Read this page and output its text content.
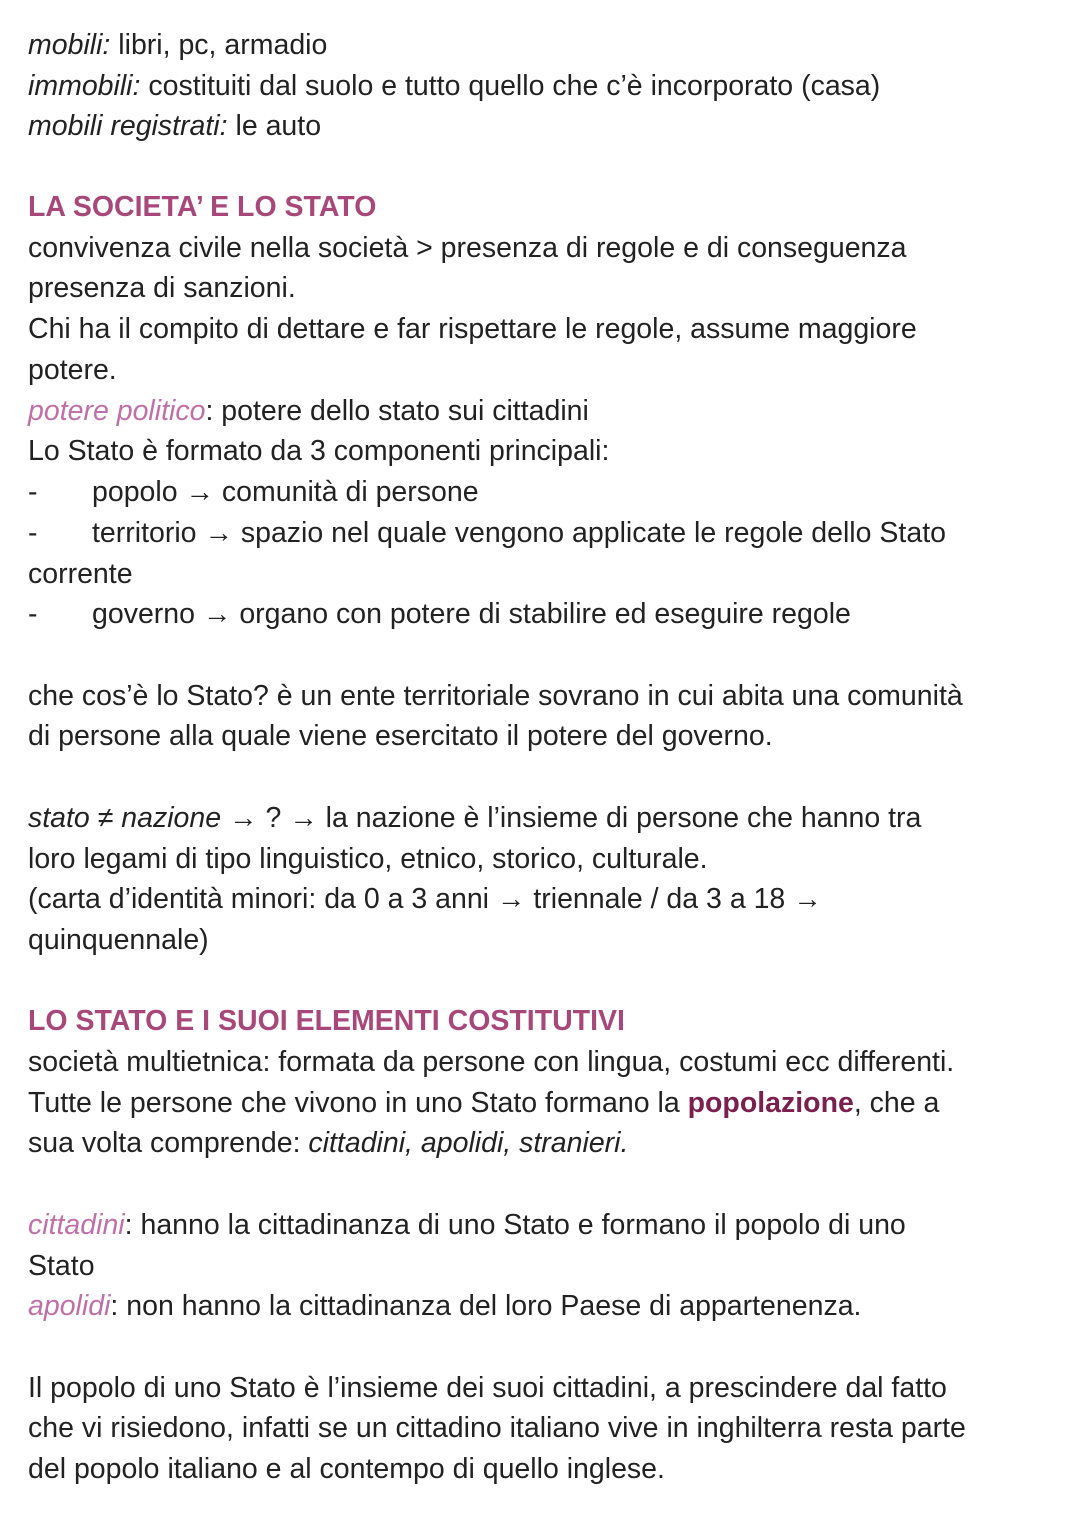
mobili: libri, pc, armadio

immobili: costituiti dal suolo e tutto quello che c’è incorporato (casa)

mobili registrati: le auto

LA SOCIETA’ E LO STATO

convivenza civile nella società > presenza di regole e di conseguenza

presenza di sanzioni.

Chi ha il compito di dettare e far rispettare le regole, assume maggiore

potere.

potere politico: potere dello stato sui cittadini

Lo Stato è formato da 3 componenti principali:

- popolo → comunità di persone

- territorio → spazio nel quale vengono applicate le regole dello Stato

corrente

- governo → organo con potere di stabilire ed eseguire regole

che cos’è lo Stato? è un ente territoriale sovrano in cui abita una comunità

di persone alla quale viene esercitato il potere del governo.

stato ≠ nazione → ? → la nazione è l’insieme di persone che hanno tra

loro legami di tipo linguistico, etnico, storico, culturale.

(carta d’identità minori: da 0 a 3 anni → triennale / da 3 a 18 →

quinquennale)

LO STATO E I SUOI ELEMENTI COSTITUTIVI

società multietnica: formata da persone con lingua, costumi ecc differenti.

Tutte le persone che vivono in uno Stato formano la popolazione, che a

sua volta comprende: cittadini, apolidi, stranieri.

cittadini: hanno la cittadinanza di uno Stato e formano il popolo di uno

Stato

apolidi: non hanno la cittadinanza del loro Paese di appartenenza.

Il popolo di uno Stato è l’insieme dei suoi cittadini, a prescindere dal fatto

che vi risiedono, infatti se un cittadino italiano vive in inghilterra resta parte

del popolo italiano e al contempo di quello inglese.
